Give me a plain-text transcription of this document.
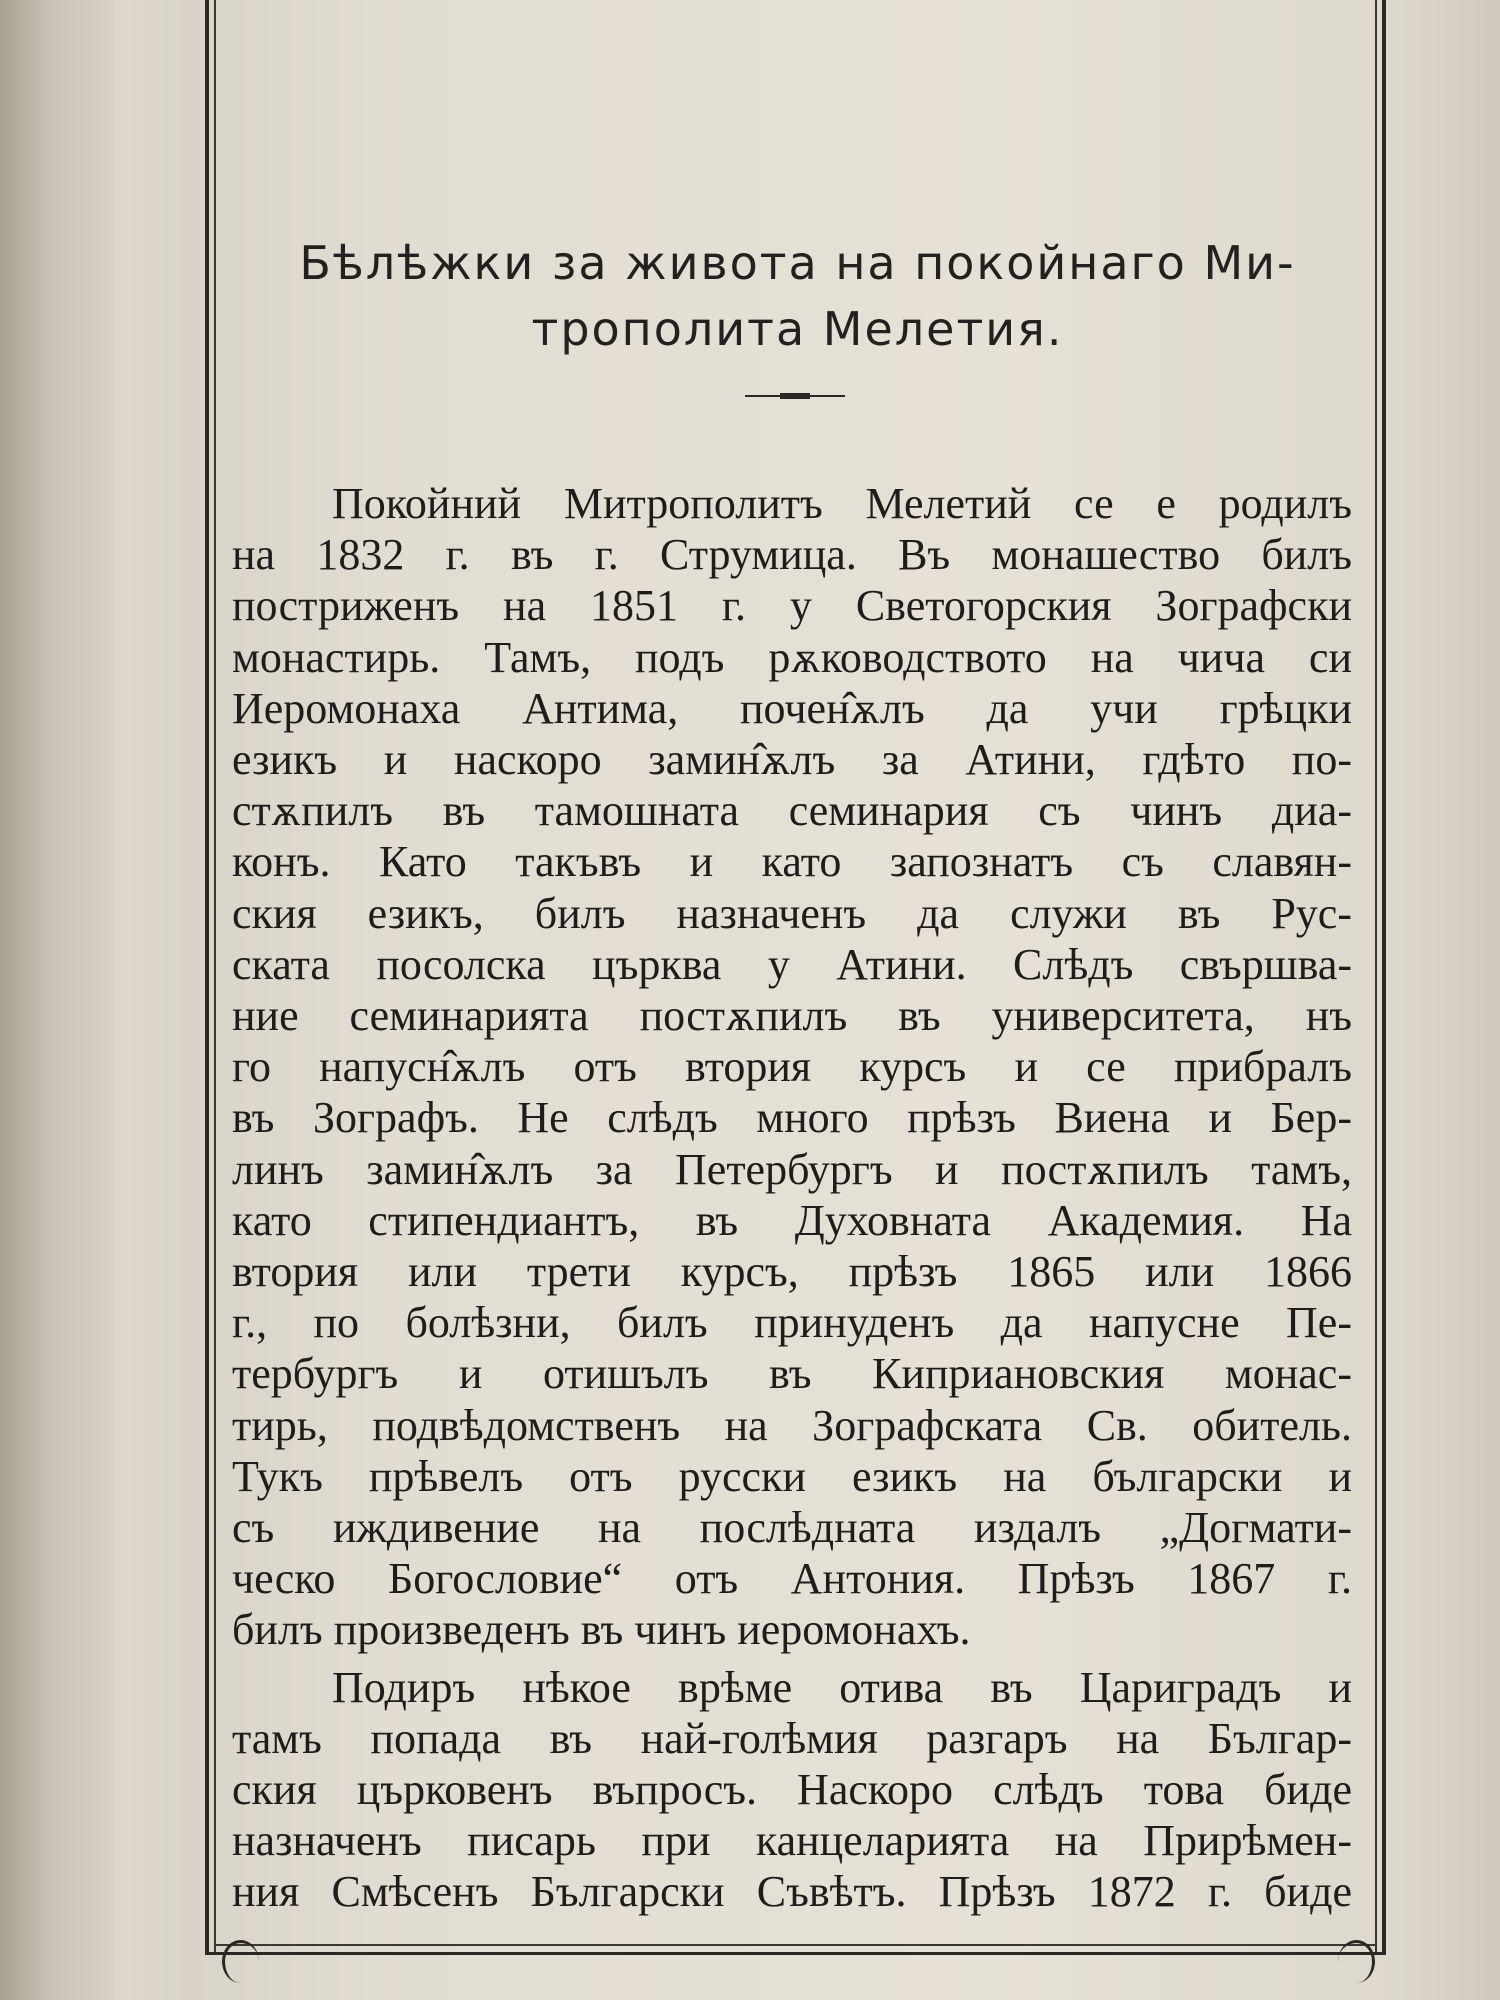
Бѣлѣжки за живота на покойнаго Ми-
трополита Мелетия.
Покойний Митрополитъ Мелетий се е родилъ
на 1832 г. въ г. Струмица. Въ монашество билъ
постриженъ на 1851 г. у Светогорския Зографски
монастирь. Тамъ, подъ рѫководството на чича си
Иеромонаха Антима, почен̂ѫлъ да учи грѣцки
езикъ и наскоро замин̂ѫлъ за Атини, гдѣто по-
стѫпилъ въ тамошната семинария съ чинъ диа-
конъ. Като такъвъ и като запознатъ съ славян-
ския езикъ, билъ назначенъ да служи въ Рус-
ската посолска църква у Атини. Слѣдъ свършва-
ние семинарията постѫпилъ въ университета, нъ
го напусн̂ѫлъ отъ втория курсъ и се прибралъ
въ Зографъ. Не слѣдъ много прѣзъ Виена и Бер-
линъ замин̂ѫлъ за Петербургъ и постѫпилъ тамъ,
като стипендиантъ, въ Духовната Академия. На
втория или трети курсъ, прѣзъ 1865 или 1866
г., по болѣзни, билъ принуденъ да напусне Пе-
тербургъ и отишълъ въ Киприановския монас-
тирь, подвѣдомственъ на Зографската Св. обитель.
Тукъ прѣвелъ отъ русски езикъ на български и
съ иждивение на послѣдната издалъ „Догмати-
ческо Богословие“ отъ Антония. Прѣзъ 1867 г.
билъ произведенъ въ чинъ иеромонахъ.
Подиръ нѣкое врѣме отива въ Цариградъ и
тамъ попада въ най-голѣмия разгаръ на Българ-
ския църковенъ въпросъ. Наскоро слѣдъ това биде
назначенъ писарь при канцеларията на Прирѣмен-
ния Смѣсенъ Български Съвѣтъ. Прѣзъ 1872 г. биде
